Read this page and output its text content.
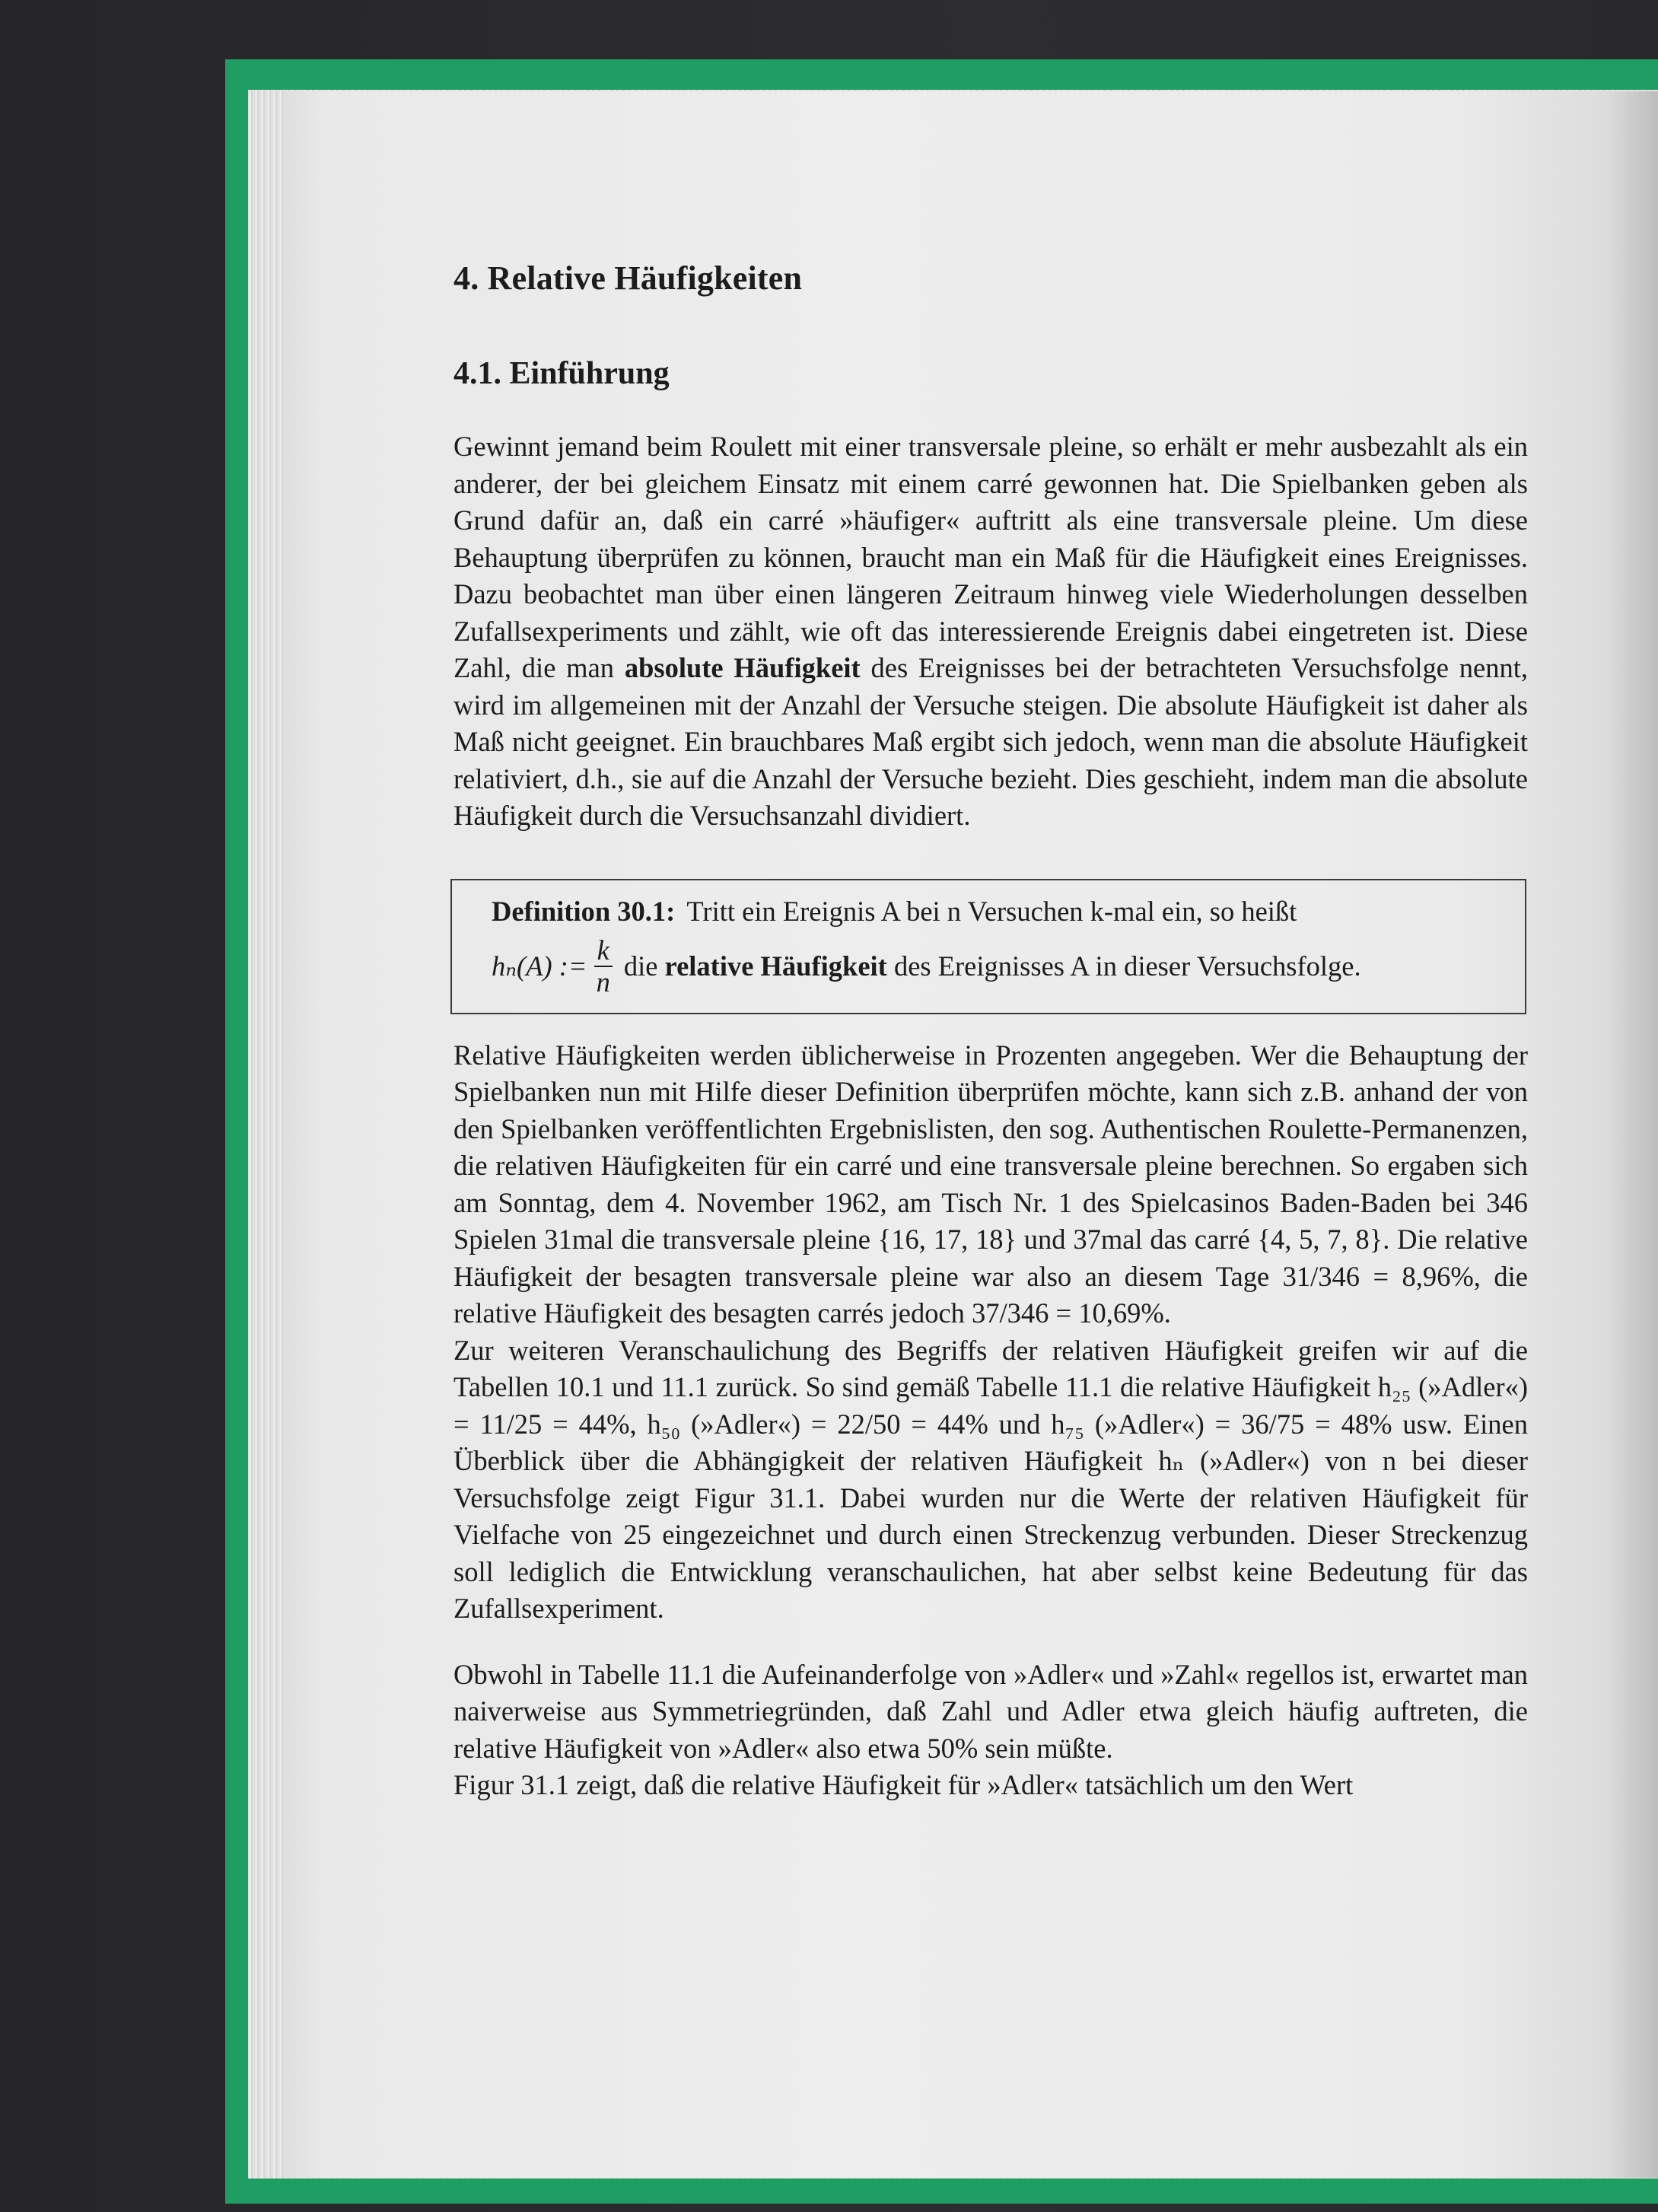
4. Relative Häufigkeiten
4.1. Einführung

Gewinnt jemand beim Roulett mit einer transversale pleine, so erhält er mehr ausbezahlt als ein anderer, der bei gleichem Einsatz mit einem carré gewonnen hat. Die Spielbanken geben als Grund dafür an, daß ein carré »häufiger« auftritt als eine transversale pleine. Um diese Behauptung überprüfen zu können, braucht man ein Maß für die Häufigkeit eines Ereignisses. Dazu beobachtet man über einen längeren Zeitraum hinweg viele Wiederholungen desselben Zufallsexperiments und zählt, wie oft das interessierende Ereignis dabei eingetreten ist. Diese Zahl, die man absolute Häufigkeit des Ereignisses bei der betrachteten Versuchsfolge nennt, wird im allgemeinen mit der Anzahl der Versuche steigen. Die absolute Häufigkeit ist daher als Maß nicht geeignet. Ein brauchbares Maß ergibt sich jedoch, wenn man die absolute Häufigkeit relativiert, d.h., sie auf die Anzahl der Versuche bezieht. Dies geschieht, indem man die absolute Häufigkeit durch die Versuchsanzahl dividiert.

Definition 30.1: Tritt ein Ereignis A bei n Versuchen k-mal ein, so heißt
hₙ(A) := $\frac{k}{n}$ die relative Häufigkeit des Ereignisses A in dieser Versuchsfolge.

Relative Häufigkeiten werden üblicherweise in Prozenten angegeben. Wer die Behauptung der Spielbanken nun mit Hilfe dieser Definition überprüfen möchte, kann sich z.B. anhand der von den Spielbanken veröffentlichten Ergebnislisten, den sog. Authentischen Roulette-Permanenzen, die relativen Häufigkeiten für ein carré und eine transversale pleine berechnen. So ergaben sich am Sonntag, dem 4. November 1962, am Tisch Nr. 1 des Spielcasinos Baden-Baden bei 346 Spielen 31mal die transversale pleine {16, 17, 18} und 37mal das carré {4, 5, 7, 8}. Die relative Häufigkeit der besagten transversale pleine war also an diesem Tage 31/346 = 8,96%, die relative Häufigkeit des besagten carrés jedoch 37/346 = 10,69%.

Zur weiteren Veranschaulichung des Begriffs der relativen Häufigkeit greifen wir auf die Tabellen 10.1 und 11.1 zurück. So sind gemäß Tabelle 11.1 die relative Häufigkeit h₂₅ (»Adler«) = 11/25 = 44%, h₅₀ (»Adler«) = 22/50 = 44% und h₇₅ (»Adler«) = 36/75 = 48% usw. Einen Überblick über die Abhängigkeit der relativen Häufigkeit hₙ (»Adler«) von n bei dieser Versuchsfolge zeigt Figur 31.1. Dabei wurden nur die Werte der relativen Häufigkeit für Vielfache von 25 eingezeichnet und durch einen Streckenzug verbunden. Dieser Streckenzug soll lediglich die Entwicklung veranschaulichen, hat aber selbst keine Bedeutung für das Zufallsexperiment.

Obwohl in Tabelle 11.1 die Aufeinanderfolge von »Adler« und »Zahl« regellos ist, erwartet man naiverweise aus Symmetriegründen, daß Zahl und Adler etwa gleich häufig auftreten, die relative Häufigkeit von »Adler« also etwa 50% sein müßte.

Figur 31.1 zeigt, daß die relative Häufigkeit für »Adler« tatsächlich um den Wert
